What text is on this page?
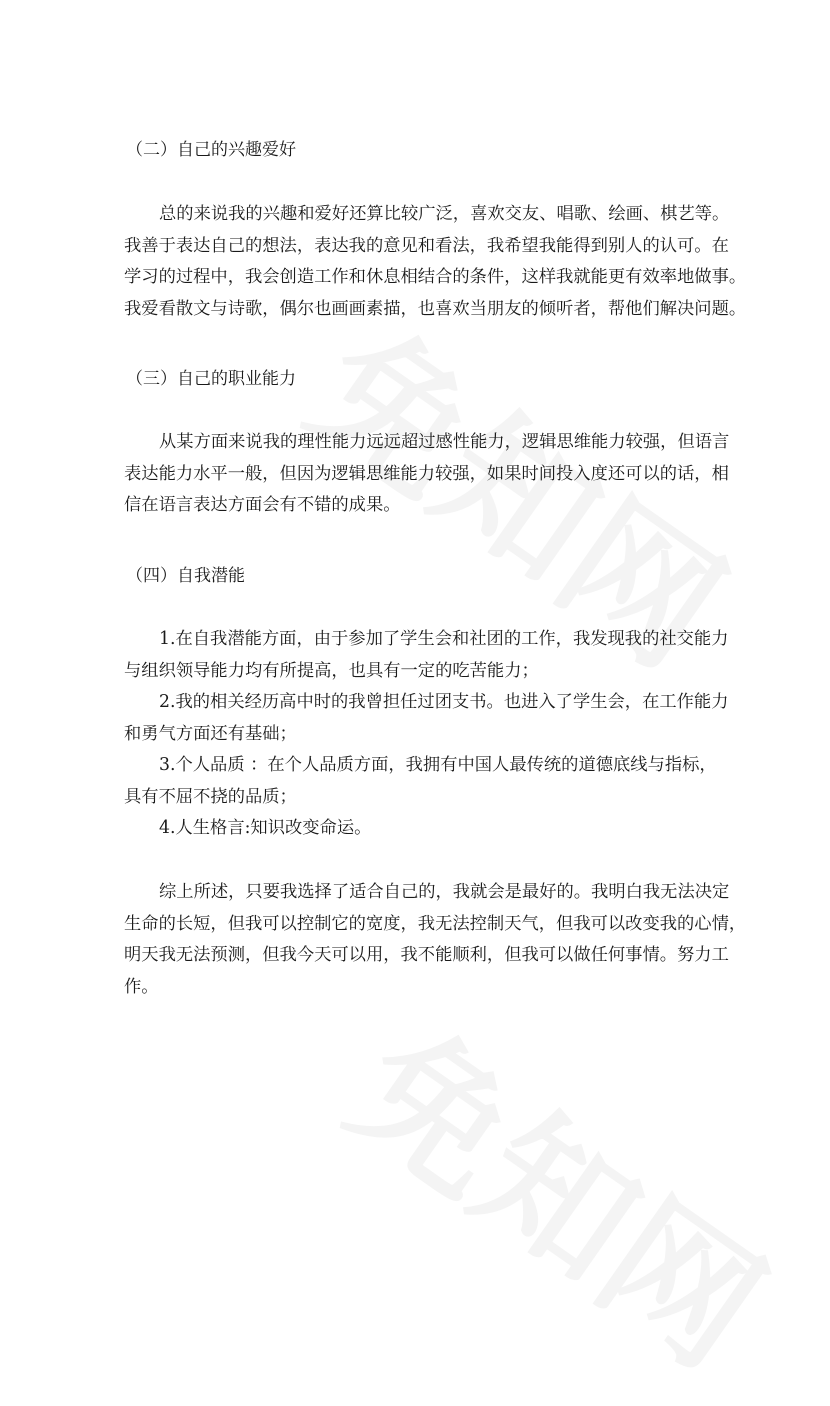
（二）自己的兴趣爱好
总的来说我的兴趣和爱好还算比较广泛，喜欢交友、唱歌、绘画、棋艺等。
我善于表达自己的想法，表达我的意见和看法，我希望我能得到别人的认可。在
学习的过程中，我会创造工作和休息相结合的条件，这样我就能更有效率地做事。
我爱看散文与诗歌，偶尔也画画素描，也喜欢当朋友的倾听者，帮他们解决问题。
（三）自己的职业能力
从某方面来说我的理性能力远远超过感性能力，逻辑思维能力较强，但语言
表达能力水平一般，但因为逻辑思维能力较强，如果时间投入度还可以的话，相
信在语言表达方面会有不错的成果。
（四）自我潜能
1.在自我潜能方面，由于参加了学生会和社团的工作，我发现我的社交能力
与组织领导能力均有所提高，也具有一定的吃苦能力；
2.我的相关经历高中时的我曾担任过团支书。也进入了学生会，在工作能力
和勇气方面还有基础；
3.个人品质 ：在个人品质方面，我拥有中国人最传统的道德底线与指标，
具有不屈不挠的品质；
4.人生格言:知识改变命运。
综上所述，只要我选择了适合自己的，我就会是最好的。我明白我无法决定
生命的长短，但我可以控制它的宽度，我无法控制天气，但我可以改变我的心情，
明天我无法预测，但我今天可以用，我不能顺利，但我可以做任何事情。努力工
作。
